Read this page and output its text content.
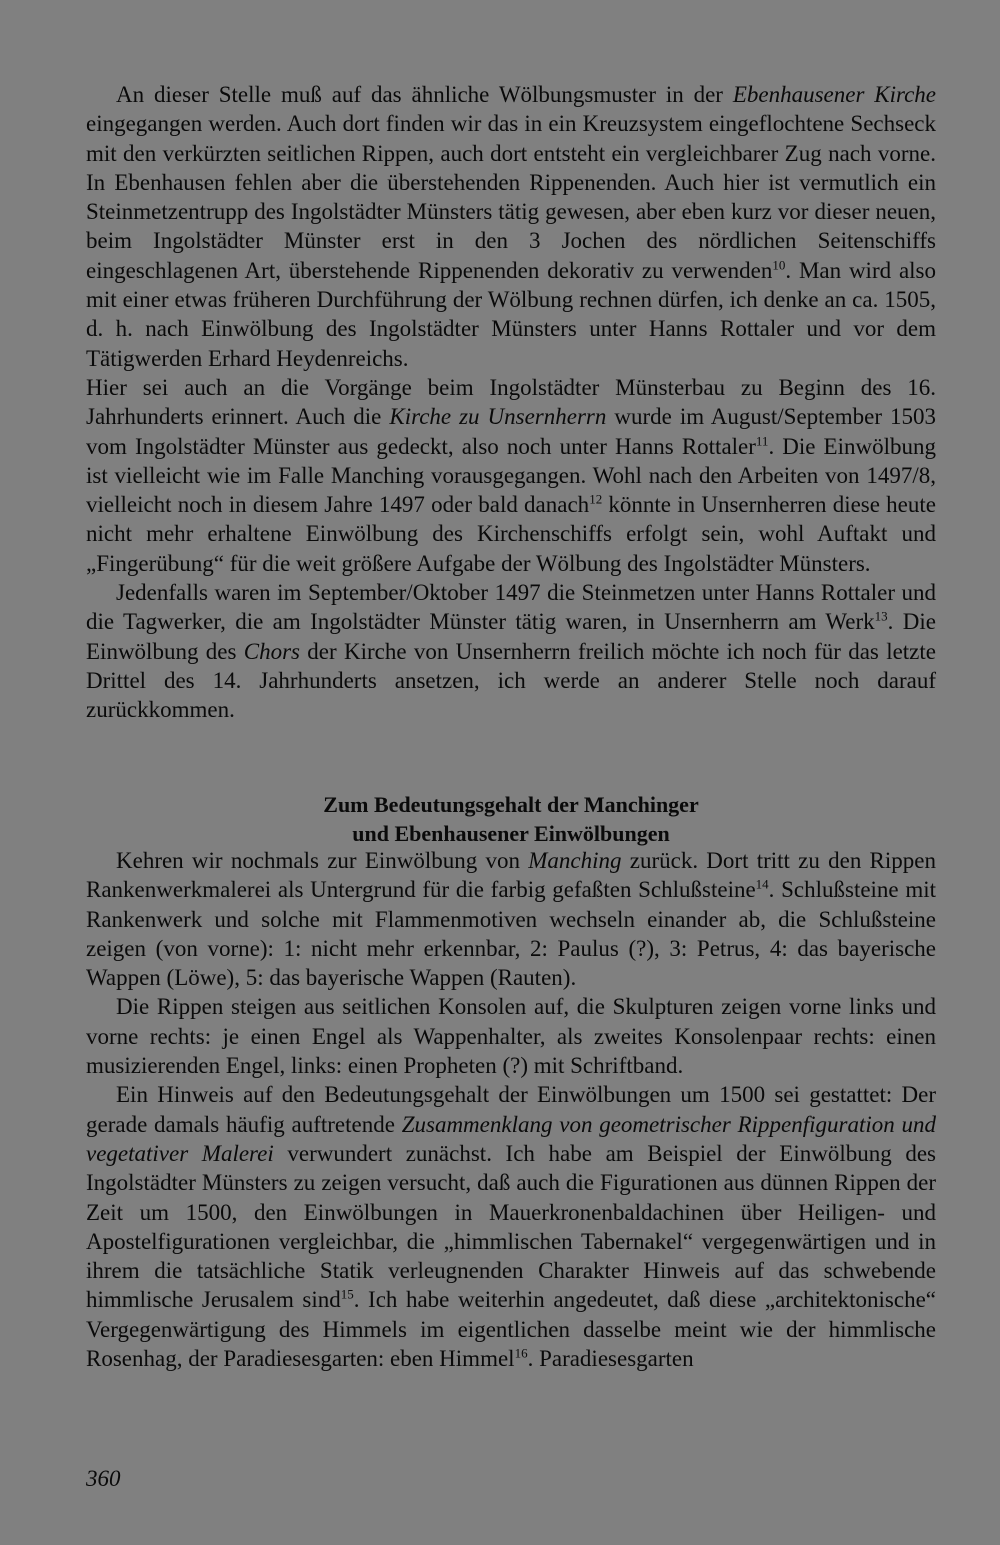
An dieser Stelle muß auf das ähnliche Wölbungsmuster in der Ebenhausener Kirche eingegangen werden. Auch dort finden wir das in ein Kreuzsystem eingeflochtene Sechseck mit den verkürzten seitlichen Rippen, auch dort entsteht ein vergleichbarer Zug nach vorne. In Ebenhausen fehlen aber die überstehenden Rippenenden. Auch hier ist vermutlich ein Steinmetzentrupp des Ingolstädter Münsters tätig gewesen, aber eben kurz vor dieser neuen, beim Ingolstädter Münster erst in den 3 Jochen des nördlichen Seitenschiffs eingeschlagenen Art, überstehende Rippenenden dekorativ zu verwenden$^{10}$. Man wird also mit einer etwas früheren Durchführung der Wölbung rechnen dürfen, ich denke an ca. 1505, d. h. nach Einwölbung des Ingolstädter Münsters unter Hanns Rottaler und vor dem Tätigwerden Erhard Heydenreichs.

Hier sei auch an die Vorgänge beim Ingolstädter Münsterbau zu Beginn des 16. Jahrhunderts erinnert. Auch die Kirche zu Unsernherrn wurde im August/September 1503 vom Ingolstädter Münster aus gedeckt, also noch unter Hanns Rottaler$^{11}$. Die Einwölbung ist vielleicht wie im Falle Manching vorausgegangen. Wohl nach den Arbeiten von 1497/8, vielleicht noch in diesem Jahre 1497 oder bald danach$^{12}$ könnte in Unsernherren diese heute nicht mehr erhaltene Einwölbung des Kirchenschiffs erfolgt sein, wohl Auftakt und „Fingerübung“ für die weit größere Aufgabe der Wölbung des Ingolstädter Münsters.

Jedenfalls waren im September/Oktober 1497 die Steinmetzen unter Hanns Rottaler und die Tagwerker, die am Ingolstädter Münster tätig waren, in Unsernherrn am Werk$^{13}$. Die Einwölbung des Chors der Kirche von Unsernherrn freilich möchte ich noch für das letzte Drittel des 14. Jahrhunderts ansetzen, ich werde an anderer Stelle noch darauf zurückkommen.

Zum Bedeutungsgehalt der Manchinger
und Ebenhausener Einwölbungen

Kehren wir nochmals zur Einwölbung von Manching zurück. Dort tritt zu den Rippen Rankenwerkmalerei als Untergrund für die farbig gefaßten Schlußsteine$^{14}$. Schlußsteine mit Rankenwerk und solche mit Flammenmotiven wechseln einander ab, die Schlußsteine zeigen (von vorne): 1: nicht mehr erkennbar, 2: Paulus (?), 3: Petrus, 4: das bayerische Wappen (Löwe), 5: das bayerische Wappen (Rauten).

Die Rippen steigen aus seitlichen Konsolen auf, die Skulpturen zeigen vorne links und vorne rechts: je einen Engel als Wappenhalter, als zweites Konsolenpaar rechts: einen musizierenden Engel, links: einen Propheten (?) mit Schriftband.

Ein Hinweis auf den Bedeutungsgehalt der Einwölbungen um 1500 sei gestattet: Der gerade damals häufig auftretende Zusammenklang von geometrischer Rippenfiguration und vegetativer Malerei verwundert zunächst. Ich habe am Beispiel der Einwölbung des Ingolstädter Münsters zu zeigen versucht, daß auch die Figurationen aus dünnen Rippen der Zeit um 1500, den Einwölbungen in Mauerkronenbaldachinen über Heiligen- und Apostelfigurationen vergleichbar, die „himmlischen Tabernakel“ vergegenwärtigen und in ihrem die tatsächliche Statik verleugnenden Charakter Hinweis auf das schwebende himmlische Jerusalem sind$^{15}$. Ich habe weiterhin angedeutet, daß diese „architektonische“ Vergegenwärtigung des Himmels im eigentlichen dasselbe meint wie der himmlische Rosenhag, der Paradiesesgarten: eben Himmel$^{16}$. Paradiesesgarten

360
